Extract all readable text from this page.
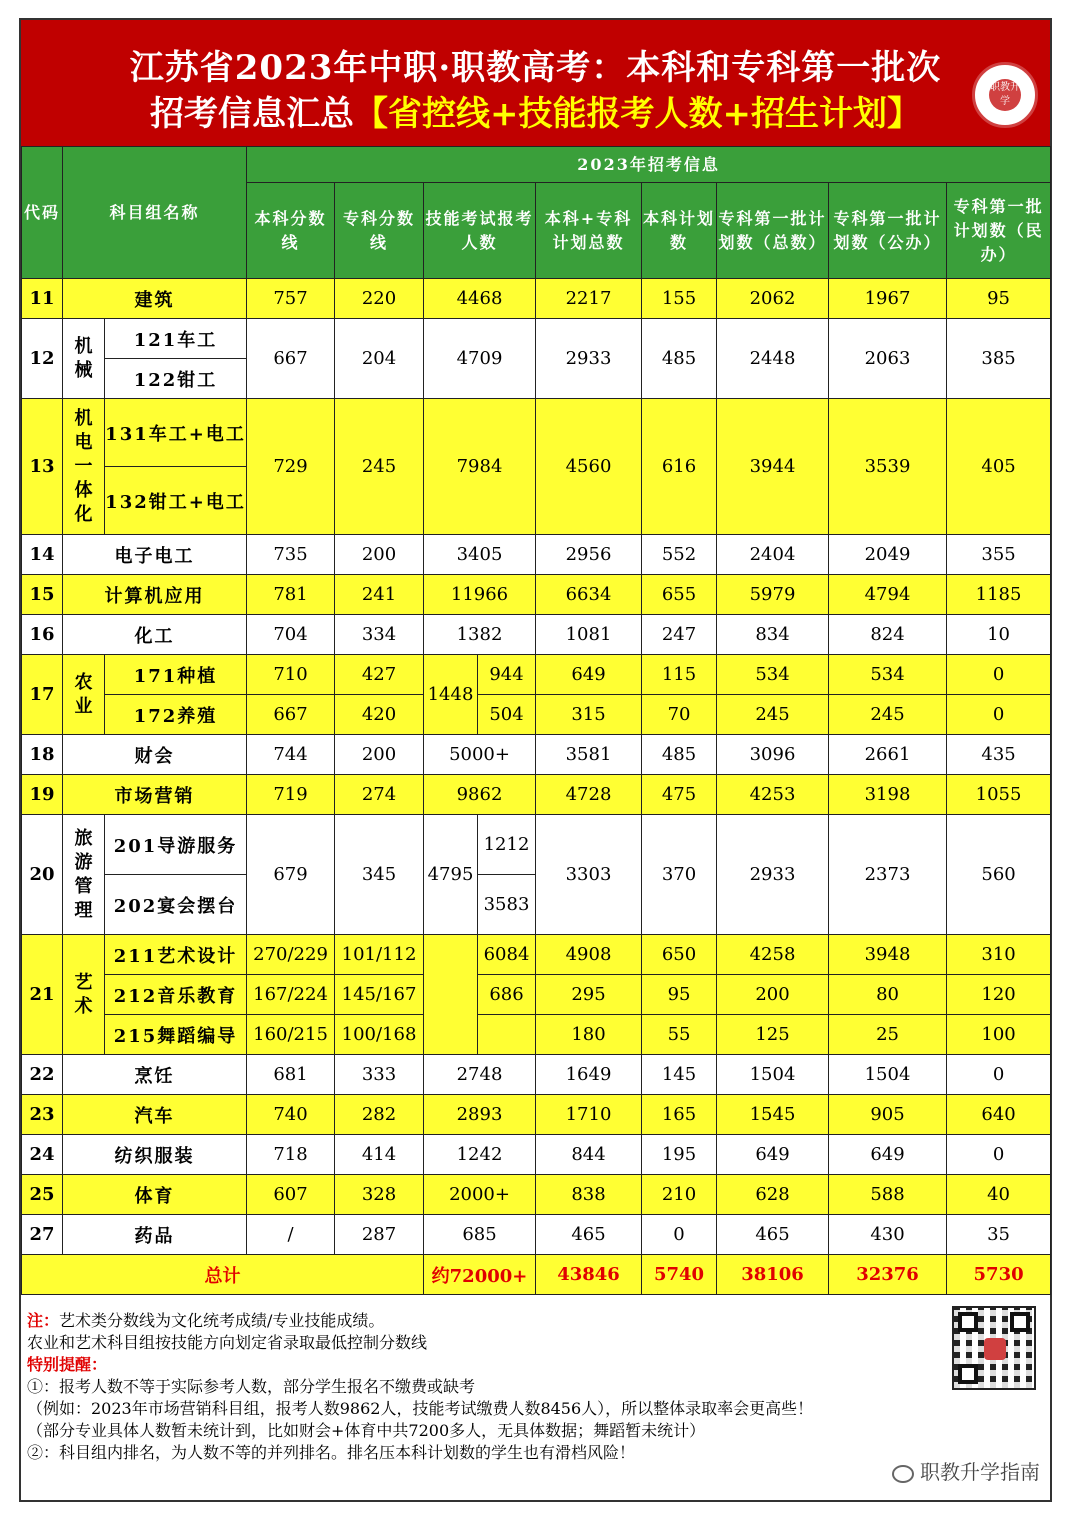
江苏省2023年中职·职教高考：本科和专科第一批次
招考信息汇总【省控线+技能报考人数+招生计划】
职教升学
代码	科目组名称		2023年招考信息								
			本科分数线	专科分数线	技能考试报考人数		本科+专科计划总数	本科计划数	专科第一批计划数（总数）	专科第一批计划数（公办）	专科第一批计划数（民办）
11	建筑		757	220	4468		2217	155	2062	1967	95
12	机械	121车工	667	204	4709		2933	485	2448	2063	385
		122钳工									
13	机电一体化	131车工+电工	729	245	7984		4560	616	3944	3539	405
		132钳工+电工									
14	电子电工		735	200	3405		2956	552	2404	2049	355
15	计算机应用		781	241	11966		6634	655	5979	4794	1185
16	化工		704	334	1382		1081	247	834	824	10
17	农业	171种植	710	427	1448	944	649	115	534	534	0
		172养殖	667	420		504	315	70	245	245	0
18	财会		744	200	5000+		3581	485	3096	2661	435
19	市场营销		719	274	9862		4728	475	4253	3198	1055
20	旅游管理	201导游服务	679	345	4795	1212	3303	370	2933	2373	560
		202宴会摆台				3583					
21	艺术	211艺术设计	270/229	101/112		6084	4908	650	4258	3948	310
		212音乐教育	167/224	145/167		686	295	95	200	80	120
		215舞蹈编导	160/215	100/168			180	55	125	25	100
22	烹饪		681	333	2748		1649	145	1504	1504	0
23	汽车		740	282	2893		1710	165	1545	905	640
24	纺织服装		718	414	1242		844	195	649	649	0
25	体育		607	328	2000+		838	210	628	588	40
27	药品		/	287	685		465	0	465	430	35
总计					约72000+		43846	5740	38106	32376	5730
注：艺术类分数线为文化统考成绩/专业技能成绩。
农业和艺术科目组按技能方向划定省录取最低控制分数线
特别提醒：
①：报考人数不等于实际参考人数，部分学生报名不缴费或缺考
（例如：2023年市场营销科目组，报考人数9862人，技能考试缴费人数8456人），所以整体录取率会更高些！
（部分专业具体人数暂未统计到，比如财会+体育中共7200多人，无具体数据；舞蹈暂未统计）
②：科目组内排名，为人数不等的并列排名。排名压本科计划数的学生也有滑档风险！
职教升学指南
